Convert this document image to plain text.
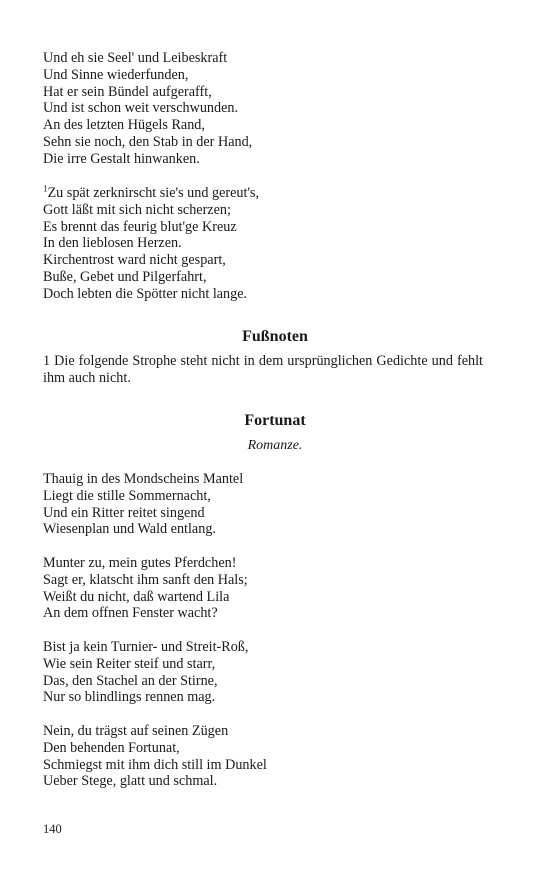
Und eh sie Seel' und Leibeskraft
Und Sinne wiederfunden,
Hat er sein Bündel aufgerafft,
Und ist schon weit verschwunden.
An des letzten Hügels Rand,
Sehn sie noch, den Stab in der Hand,
Die irre Gestalt hinwanken.
$^1$Zu spät zerknirscht sie's und gereut's,
Gott läßt mit sich nicht scherzen;
Es brennt das feurig blut'ge Kreuz
In den lieblosen Herzen.
Kirchentrost ward nicht gespart,
Buße, Gebet und Pilgerfahrt,
Doch lebten die Spötter nicht lange.
Fußnoten
1 Die folgende Strophe steht nicht in dem ursprünglichen Gedichte und fehlt ihm auch nicht.
Fortunat
Romanze.
Thauig in des Mondscheins Mantel
Liegt die stille Sommernacht,
Und ein Ritter reitet singend
Wiesenplan und Wald entlang.
Munter zu, mein gutes Pferdchen!
Sagt er, klatscht ihm sanft den Hals;
Weißt du nicht, daß wartend Lila
An dem offnen Fenster wacht?
Bist ja kein Turnier- und Streit-Roß,
Wie sein Reiter steif und starr,
Das, den Stachel an der Stirne,
Nur so blindlings rennen mag.
Nein, du trägst auf seinen Zügen
Den behenden Fortunat,
Schmiegst mit ihm dich still im Dunkel
Ueber Stege, glatt und schmal.
140
